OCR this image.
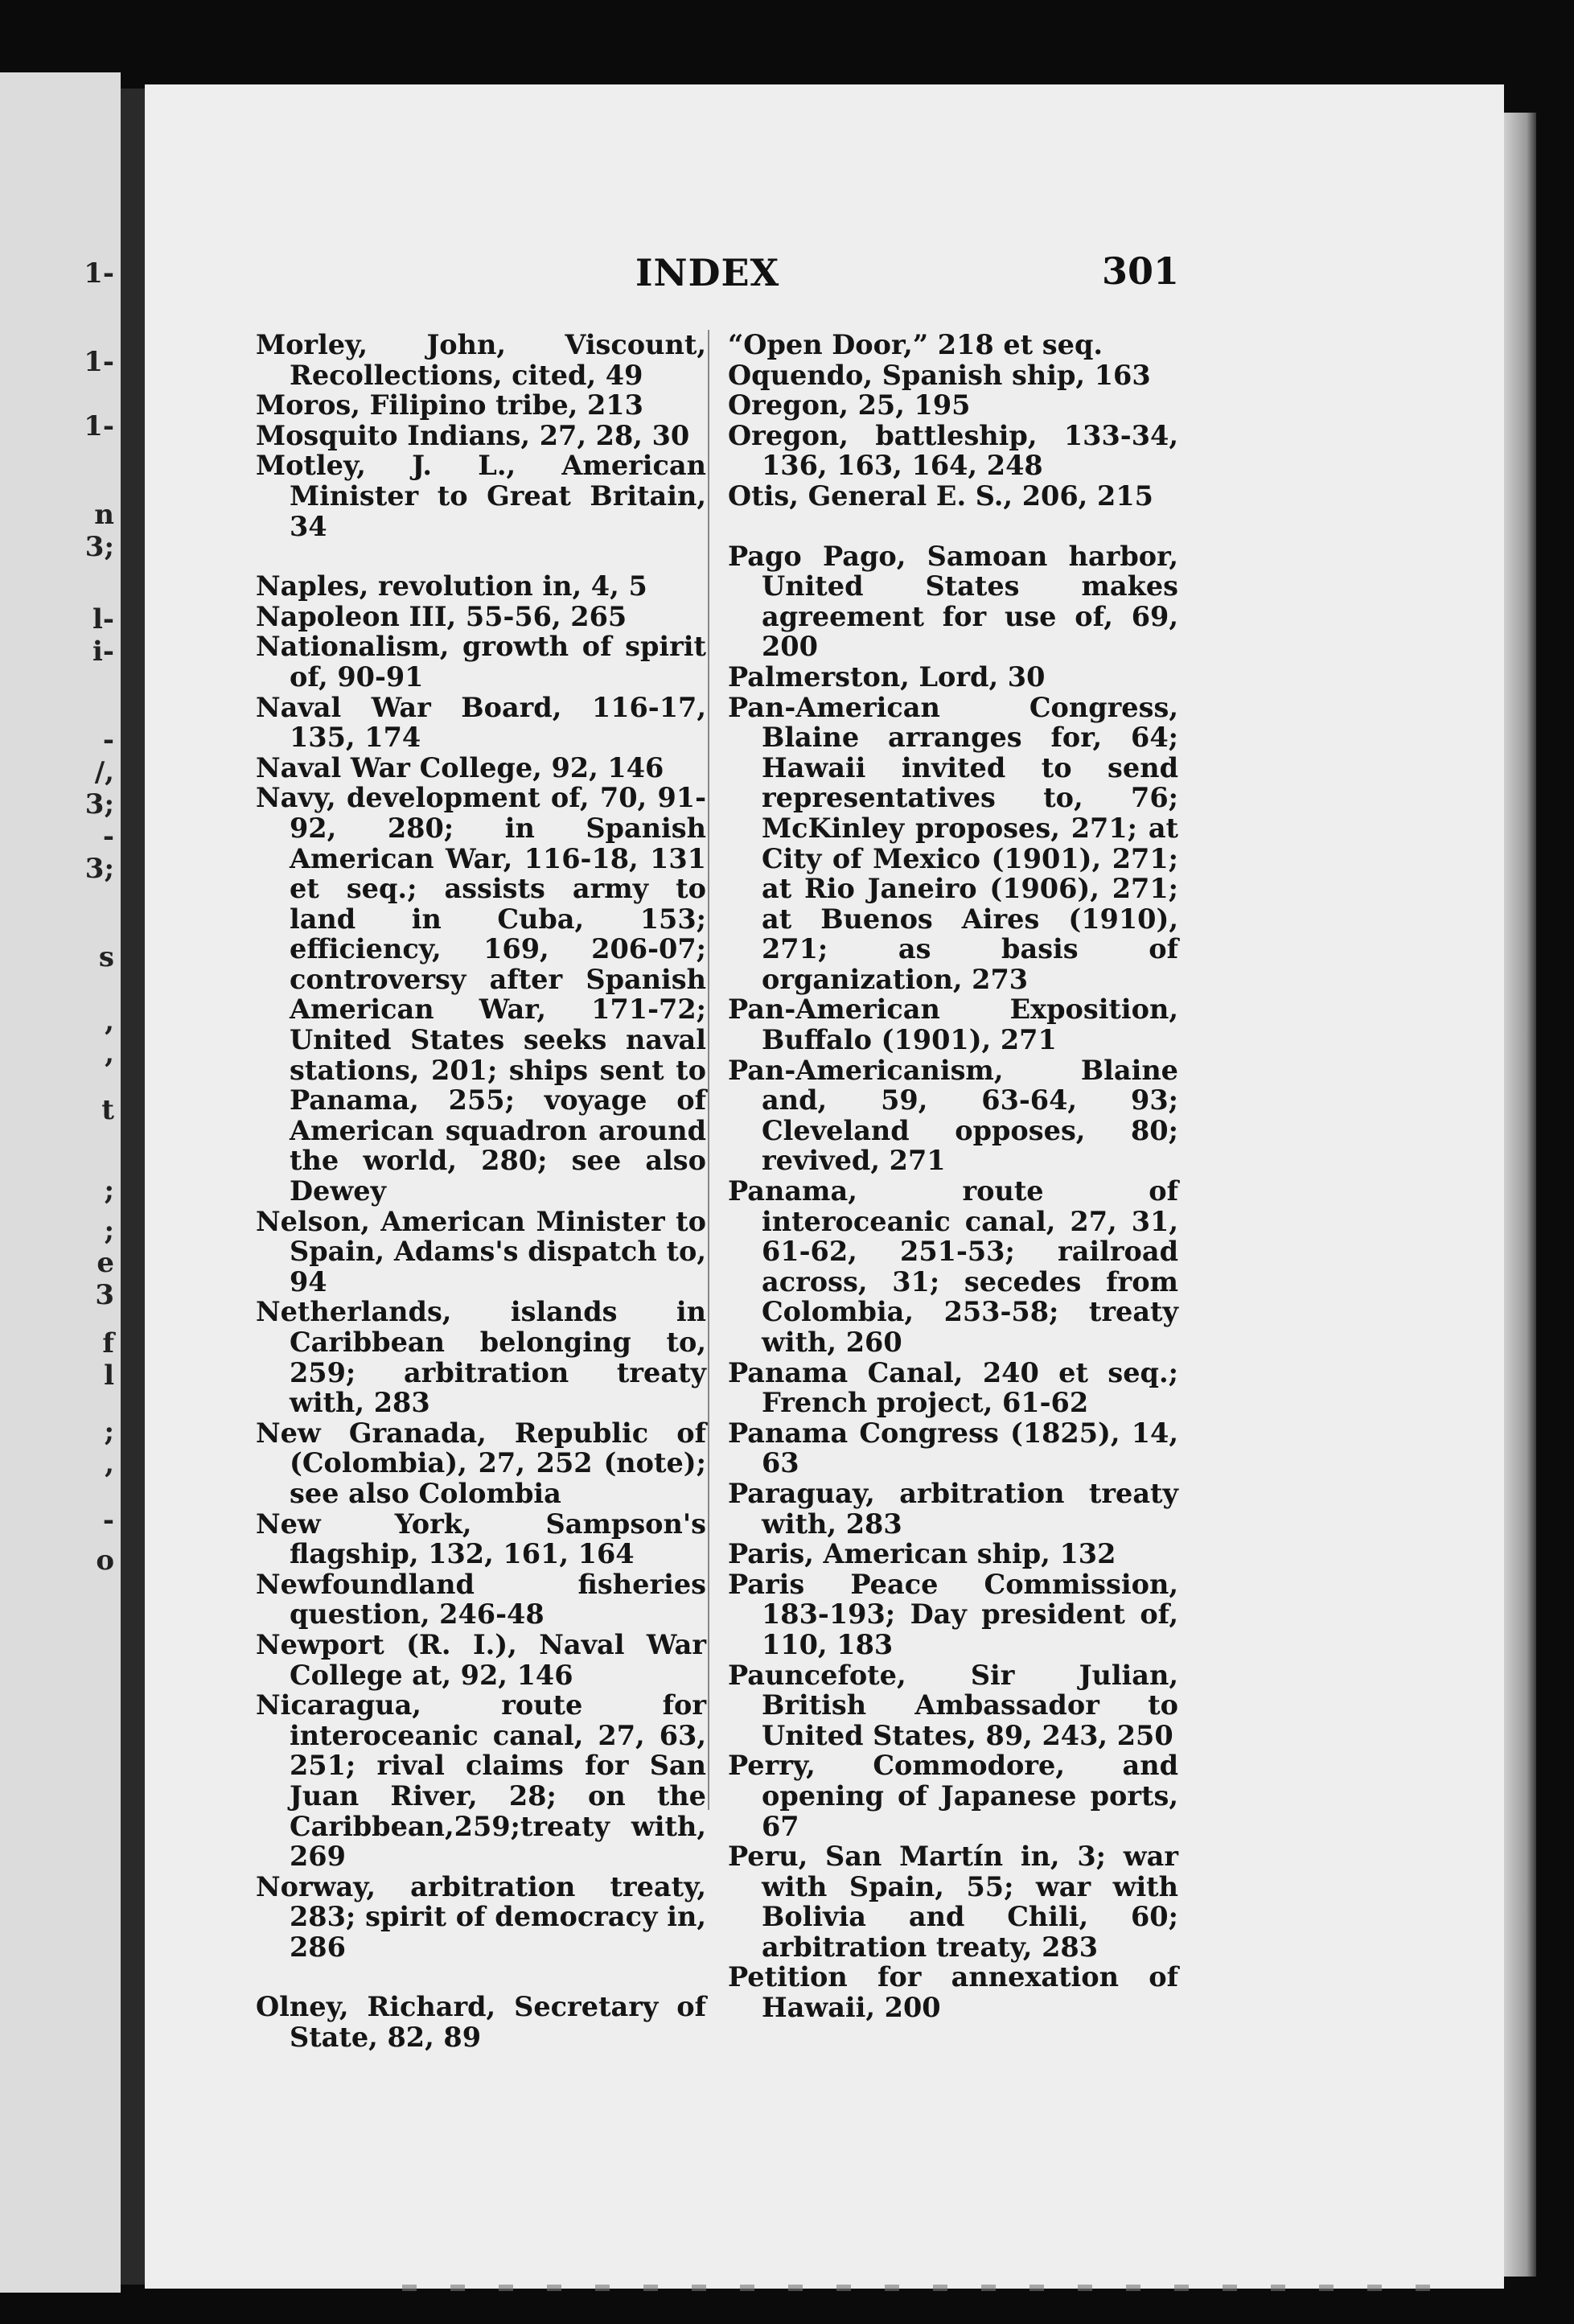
1-
1-
1-
n
3;
l-
i-
-
/,
3;
-
3;
s
,
,
t
;
;
e
3
f
l
;
,
-
o
INDEX	301
Morley, John, Viscount, Recollections, cited, 49
Moros, Filipino tribe, 213
Mosquito Indians, 27, 28, 30
Motley, J. L., American Minister to Great Britain, 34
Naples, revolution in, 4, 5
Napoleon III, 55-56, 265
Nationalism, growth of spirit of, 90-91
Naval War Board, 116-17, 135, 174
Naval War College, 92, 146
Navy, development of, 70, 91-92, 280; in Spanish American War, 116-18, 131 et seq.; assists army to land in Cuba, 153; efficiency, 169, 206-07; controversy after Spanish American War, 171-72; United States seeks naval stations, 201; ships sent to Panama, 255; voyage of American squadron around the world, 280; see also Dewey
Nelson, American Minister to Spain, Adams's dispatch to, 94
Netherlands, islands in Caribbean belonging to, 259; arbitration treaty with, 283
New Granada, Republic of (Colombia), 27, 252 (note); see also Colombia
New York, Sampson's flagship, 132, 161, 164
Newfoundland fisheries question, 246-48
Newport (R. I.), Naval War College at, 92, 146
Nicaragua, route for interoceanic canal, 27, 63, 251; rival claims for San Juan River, 28; on the Caribbean,259;treaty with, 269
Norway, arbitration treaty, 283; spirit of democracy in, 286
Olney, Richard, Secretary of State, 82, 89
“Open Door,” 218 et seq.
Oquendo, Spanish ship, 163
Oregon, 25, 195
Oregon, battleship, 133-34, 136, 163, 164, 248
Otis, General E. S., 206, 215
Pago Pago, Samoan harbor, United States makes agreement for use of, 69, 200
Palmerston, Lord, 30
Pan-American Congress, Blaine arranges for, 64; Hawaii invited to send representatives to, 76; McKinley proposes, 271; at City of Mexico (1901), 271; at Rio Janeiro (1906), 271; at Buenos Aires (1910), 271; as basis of organization, 273
Pan-American Exposition, Buffalo (1901), 271
Pan-Americanism, Blaine and, 59, 63-64, 93; Cleveland opposes, 80; revived, 271
Panama, route of interoceanic canal, 27, 31, 61-62, 251-53; railroad across, 31; secedes from Colombia, 253-58; treaty with, 260
Panama Canal, 240 et seq.; French project, 61-62
Panama Congress (1825), 14, 63
Paraguay, arbitration treaty with, 283
Paris, American ship, 132
Paris Peace Commission, 183-193; Day president of, 110, 183
Pauncefote, Sir Julian, British Ambassador to United States, 89, 243, 250
Perry, Commodore, and opening of Japanese ports, 67
Peru, San Martín in, 3; war with Spain, 55; war with Bolivia and Chili, 60; arbitration treaty, 283
Petition for annexation of Hawaii, 200
